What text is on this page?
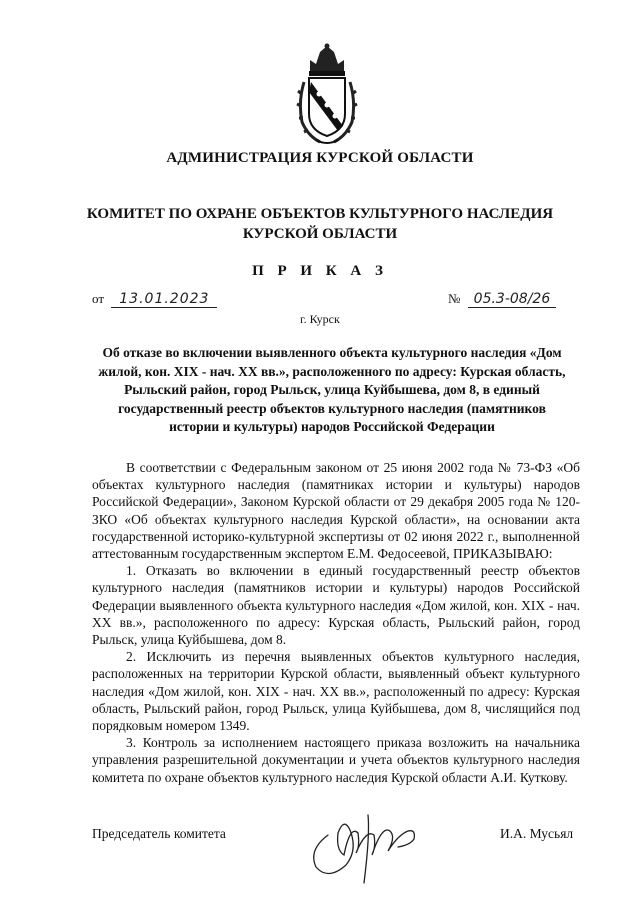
АДМИНИСТРАЦИЯ КУРСКОЙ ОБЛАСТИ
КОМИТЕТ ПО ОХРАНЕ ОБЪЕКТОВ КУЛЬТУРНОГО НАСЛЕДИЯ
КУРСКОЙ ОБЛАСТИ
П Р И К А З
от 13.01.2023	№ 05.3-08/26
г. Курск
Об отказе во включении выявленного объекта культурного наследия «Дом жилой, кон. XIX - нач. XX вв.», расположенного по адресу: Курская область, Рыльский район, город Рыльск, улица Куйбышева, дом 8, в единый государственный реестр объектов культурного наследия (памятников истории и культуры) народов Российской Федерации

В соответствии с Федеральным законом от 25 июня 2002 года № 73-ФЗ «Об объектах культурного наследия (памятниках истории и культуры) народов Российской Федерации», Законом Курской области от 29 декабря 2005 года № 120-ЗКО «Об объектах культурного наследия Курской области», на основании акта государственной историко-культурной экспертизы от 02 июня 2022 г., выполненной аттестованным государственным экспертом Е.М. Федосеевой, ПРИКАЗЫВАЮ:

1. Отказать во включении в единый государственный реестр объектов культурного наследия (памятников истории и культуры) народов Российской Федерации выявленного объекта культурного наследия «Дом жилой, кон. XIX - нач. XX вв.», расположенного по адресу: Курская область, Рыльский район, город Рыльск, улица Куйбышева, дом 8.

2. Исключить из перечня выявленных объектов культурного наследия, расположенных на территории Курской области, выявленный объект культурного наследия «Дом жилой, кон. XIX - нач. XX вв.», расположенный по адресу: Курская область, Рыльский район, город Рыльск, улица Куйбышева, дом 8, числящийся под порядковым номером 1349.

3. Контроль за исполнением настоящего приказа возложить на начальника управления разрешительной документации и учета объектов культурного наследия комитета по охране объектов культурного наследия Курской области А.И. Куткову.

Председатель комитета	И.А. Мусьял
